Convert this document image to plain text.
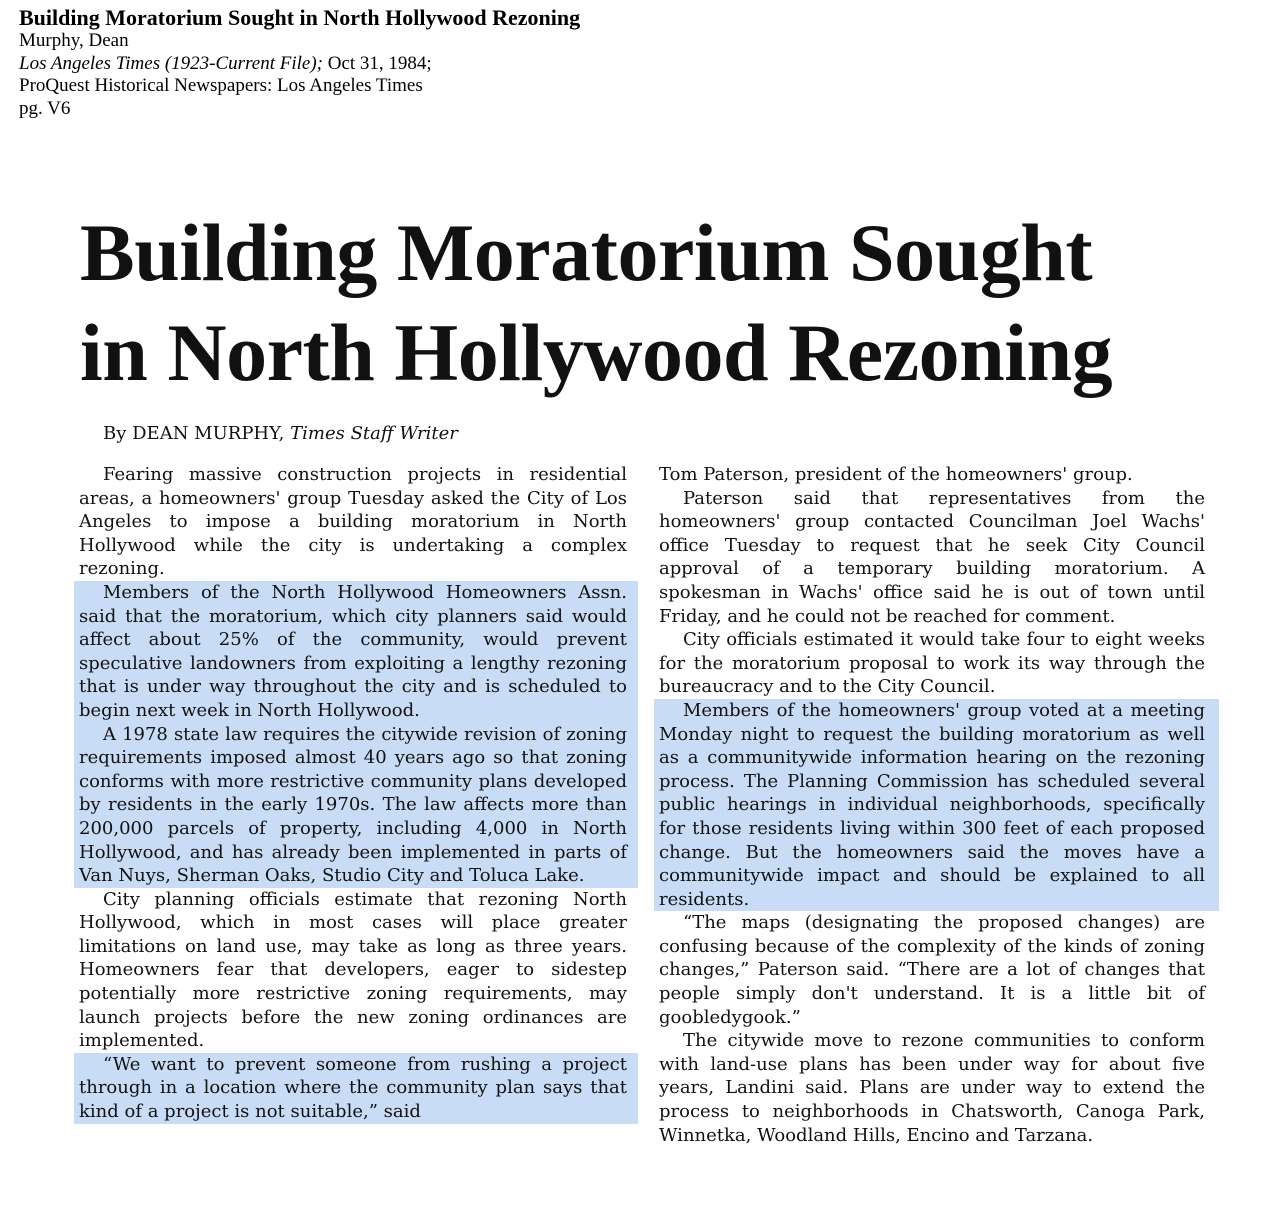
Building Moratorium Sought in North Hollywood Rezoning
Murphy, Dean
Los Angeles Times (1923-Current File); Oct 31, 1984;
ProQuest Historical Newspapers: Los Angeles Times
pg. V6
Building Moratorium Sought
in North Hollywood Rezoning
By DEAN MURPHY, Times Staff Writer

Fearing massive construction projects in residential areas, a homeowners' group Tuesday asked the City of Los Angeles to impose a building moratorium in North Hollywood while the city is undertaking a complex rezoning.

Members of the North Hollywood Homeowners Assn. said that the moratorium, which city planners said would affect about 25% of the community, would prevent speculative landowners from exploiting a lengthy rezoning that is under way throughout the city and is scheduled to begin next week in North Hollywood.

A 1978 state law requires the citywide revision of zoning requirements imposed almost 40 years ago so that zoning conforms with more restrictive community plans developed by residents in the early 1970s. The law affects more than 200,000 parcels of property, including 4,000 in North Hollywood, and has already been implemented in parts of Van Nuys, Sherman Oaks, Studio City and Toluca Lake.

City planning officials estimate that rezoning North Hollywood, which in most cases will place greater limitations on land use, may take as long as three years. Homeowners fear that developers, eager to sidestep potentially more restrictive zoning requirements, may launch projects before the new zoning ordinances are implemented.

“We want to prevent someone from rushing a project through in a location where the community plan says that kind of a project is not suitable,” said

Tom Paterson, president of the homeowners' group.

Paterson said that representatives from the homeowners' group contacted Councilman Joel Wachs' office Tuesday to request that he seek City Council approval of a temporary building moratorium. A spokesman in Wachs' office said he is out of town until Friday, and he could not be reached for comment.

City officials estimated it would take four to eight weeks for the moratorium proposal to work its way through the bureaucracy and to the City Council.

Members of the homeowners' group voted at a meeting Monday night to request the building moratorium as well as a communitywide information hearing on the rezoning process. The Planning Commission has scheduled several public hearings in individual neighborhoods, specifically for those residents living within 300 feet of each proposed change. But the homeowners said the moves have a communitywide impact and should be explained to all residents.

“The maps (designating the proposed changes) are confusing because of the complexity of the kinds of zoning changes,” Paterson said. “There are a lot of changes that people simply don't understand. It is a little bit of goobledygook.”

The citywide move to rezone communities to conform with land-use plans has been under way for about five years, Landini said. Plans are under way to extend the process to neighborhoods in Chatsworth, Canoga Park, Winnetka, Woodland Hills, Encino and Tarzana.
